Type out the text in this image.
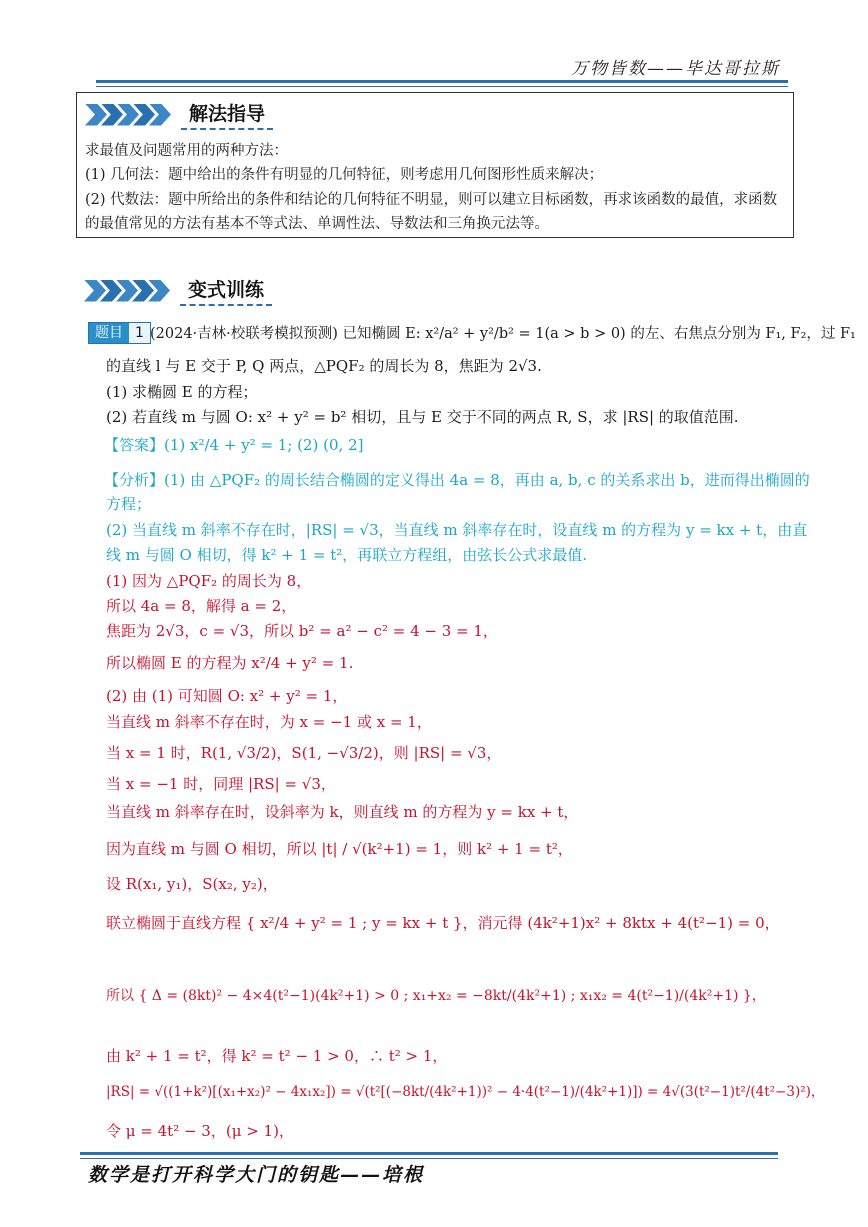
万物皆数——毕达哥拉斯
解法指导
求最值及问题常用的两种方法：
(1) 几何法：题中给出的条件有明显的几何特征，则考虑用几何图形性质来解决；
(2) 代数法：题中所给出的条件和结论的几何特征不明显，则可以建立目标函数，再求该函数的最值，求函数
的最值常见的方法有基本不等式法、单调性法、导数法和三角换元法等。
变式训练
题目 1 (2024·吉林·校联考模拟预测) 已知椭圆 E: x²/a² + y²/b² = 1(a > b > 0) 的左、右焦点分别为 F₁, F₂，过 F₁
的直线 l 与 E 交于 P, Q 两点，△PQF₂ 的周长为 8，焦距为 2√3.
(1) 求椭圆 E 的方程；
(2) 若直线 m 与圆 O: x² + y² = b² 相切，且与 E 交于不同的两点 R, S，求 |RS| 的取值范围.
【答案】(1) x²/4 + y² = 1; (2) (0, 2]
【分析】(1) 由 △PQF₂ 的周长结合椭圆的定义得出 4a = 8，再由 a, b, c 的关系求出 b，进而得出椭圆的
方程；
(2) 当直线 m 斜率不存在时，|RS| = √3，当直线 m 斜率存在时，设直线 m 的方程为 y = kx + t，由直
线 m 与圆 O 相切，得 k² + 1 = t²，再联立方程组，由弦长公式求最值.
(1) 因为 △PQF₂ 的周长为 8，
所以 4a = 8，解得 a = 2，
焦距为 2√3，c = √3，所以 b² = a² − c² = 4 − 3 = 1，
所以椭圆 E 的方程为 x²/4 + y² = 1.
(2) 由 (1) 可知圆 O: x² + y² = 1，
当直线 m 斜率不存在时，为 x = −1 或 x = 1，
当 x = 1 时，R(1, √3/2)，S(1, −√3/2)，则 |RS| = √3，
当 x = −1 时，同理 |RS| = √3，
当直线 m 斜率存在时，设斜率为 k，则直线 m 的方程为 y = kx + t，
因为直线 m 与圆 O 相切，所以 |t| / √(k²+1) = 1，则 k² + 1 = t²，
设 R(x₁, y₁)，S(x₂, y₂)，
联立椭圆于直线方程 { x²/4 + y² = 1 ; y = kx + t }，消元得 (4k²+1)x² + 8ktx + 4(t²−1) = 0，
所以 { Δ = (8kt)² − 4×4(t²−1)(4k²+1) > 0 ; x₁+x₂ = −8kt/(4k²+1) ; x₁x₂ = 4(t²−1)/(4k²+1) }，
由 k² + 1 = t²，得 k² = t² − 1 > 0，∴ t² > 1，
|RS| = √((1+k²)[(x₁+x₂)² − 4x₁x₂]) = √(t²[(−8kt/(4k²+1))² − 4·4(t²−1)/(4k²+1)]) = 4√(3(t²−1)t²/(4t²−3)²)，
令 μ = 4t² − 3，(μ > 1)，
数学是打开科学大门的钥匙——培根
